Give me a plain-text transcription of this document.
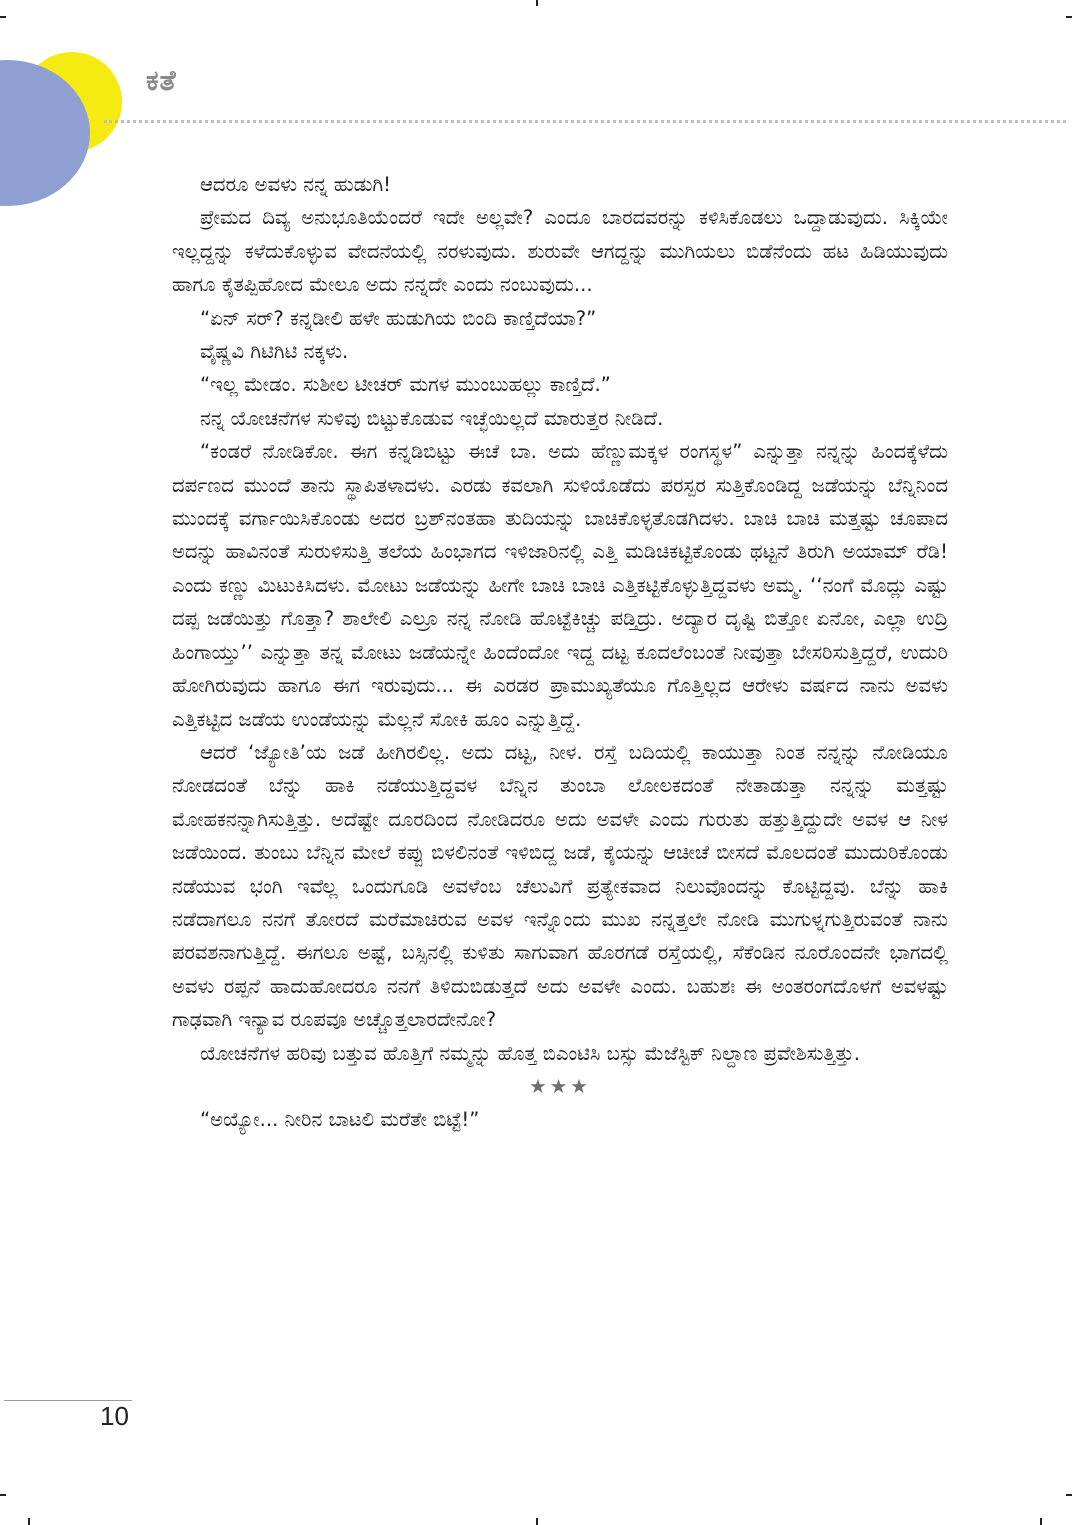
ಕತೆ

ಆದರೂ ಅವಳು ನನ್ನ ಹುಡುಗಿ!

ಪ್ರೇಮದ ದಿವ್ಯ ಅನುಭೂತಿಯೆಂದರೆ ಇದೇ ಅಲ್ಲವೇ? ಎಂದೂ ಬಾರದವರನ್ನು ಕಳಿಸಿಕೊಡಲು ಒದ್ದಾಡುವುದು. ಸಿಕ್ಕಿಯೇ ಇಲ್ಲದ್ದನ್ನು ಕಳೆದುಕೊಳ್ಳುವ ವೇದನೆಯಲ್ಲಿ ನರಳುವುದು. ಶುರುವೇ ಆಗದ್ದನ್ನು ಮುಗಿಯಲು ಬಿಡೆನೆಂದು ಹಟ ಹಿಡಿಯುವುದು ಹಾಗೂ ಕೈತಪ್ಪಿಹೋದ ಮೇಲೂ ಅದು ನನ್ನದೇ ಎಂದು ನಂಬುವುದು...

“ಏನ್ ಸರ್? ಕನ್ನಡೀಲಿ ಹಳೇ ಹುಡುಗಿಯ ಬಿಂದಿ ಕಾಣ್ತಿದೆಯಾ?”

ವೈಷ್ಣವಿ ಗಿಟಿಗಿಟಿ ನಕ್ಕಳು.

“ಇಲ್ಲ ಮೇಡಂ. ಸುಶೀಲ ಟೀಚರ್ ಮಗಳ ಮುಂಬುಹಲ್ಲು ಕಾಣ್ತಿದೆ.”

ನನ್ನ ಯೋಚನೆಗಳ ಸುಳಿವು ಬಿಟ್ಟುಕೊಡುವ ಇಚ್ಛೆಯಿಲ್ಲದೆ ಮಾರುತ್ತರ ನೀಡಿದೆ.

“ಕಂಡರೆ ನೋಡಿಕೋ. ಈಗ ಕನ್ನಡಿಬಿಟ್ಟು ಈಚೆ ಬಾ. ಅದು ಹೆಣ್ಣುಮಕ್ಕಳ ರಂಗಸ್ಥಳ” ಎನ್ನುತ್ತಾ ನನ್ನನ್ನು ಹಿಂದಕ್ಕೆಳೆದು ದರ್ಪಣದ ಮುಂದೆ ತಾನು ಸ್ಥಾಪಿತಳಾದಳು. ಎರಡು ಕವಲಾಗಿ ಸುಳಿಯೊಡೆದು ಪರಸ್ಪರ ಸುತ್ತಿಕೊಂಡಿದ್ದ ಜಡೆಯನ್ನು ಬೆನ್ನಿನಿಂದ ಮುಂದಕ್ಕೆ ವರ್ಗಾಯಿಸಿಕೊಂಡು ಅದರ ಬ್ರಶ್‌ನಂತಹಾ ತುದಿಯನ್ನು ಬಾಚಿಕೊಳ್ಳತೊಡಗಿದಳು. ಬಾಚಿ ಬಾಚಿ ಮತ್ತಷ್ಟು ಚೂಪಾದ ಅದನ್ನು ಹಾವಿನಂತೆ ಸುರುಳಿಸುತ್ತಿ ತಲೆಯ ಹಿಂಭಾಗದ ಇಳಿಜಾರಿನಲ್ಲಿ ಎತ್ತಿ ಮಡಿಚಿಕಟ್ಟಿಕೊಂಡು ಥಟ್ಟನೆ ತಿರುಗಿ ಅಯಾಮ್ ರೆಡಿ! ಎಂದು ಕಣ್ಣು ಮಿಟುಕಿಸಿದಳು. ಮೋಟು ಜಡೆಯನ್ನು ಹೀಗೇ ಬಾಚಿ ಬಾಚಿ ಎತ್ತಿಕಟ್ಟಿಕೊಳ್ಳುತ್ತಿದ್ದವಳು ಅಮ್ಮ. ‘‘ನಂಗೆ ಮೊದ್ಲು ಎಷ್ಟು ದಪ್ಪ ಜಡೆಯಿತ್ತು ಗೊತ್ತಾ? ಶಾಲೇಲಿ ಎಲ್ರೂ ನನ್ನ ನೋಡಿ ಹೊಟ್ಟೆಕಿಚ್ಚು ಪಡ್ತಿದ್ರು. ಅದ್ಯಾರ ದೃಷ್ಟಿ ಬಿತ್ತೋ ಏನೋ, ಎಲ್ಲಾ ಉದ್ರಿ ಹಿಂಗಾಯ್ತು’’ ಎನ್ನುತ್ತಾ ತನ್ನ ಮೋಟು ಜಡೆಯನ್ನೇ ಹಿಂದೆಂದೋ ಇದ್ದ ದಟ್ಟ ಕೂದಲೆಂಬಂತೆ ನೀವುತ್ತಾ ಬೇಸರಿಸುತ್ತಿದ್ದರೆ, ಉದುರಿ ಹೋಗಿರುವುದು ಹಾಗೂ ಈಗ ಇರುವುದು... ಈ ಎರಡರ ಪ್ರಾಮುಖ್ಯತೆಯೂ ಗೊತ್ತಿಲ್ಲದ ಆರೇಳು ವರ್ಷದ ನಾನು ಅವಳು ಎತ್ತಿಕಟ್ಟಿದ ಜಡೆಯ ಉಂಡೆಯನ್ನು ಮೆಲ್ಲನೆ ಸೋಕಿ ಹೂಂ ಎನ್ನುತ್ತಿದ್ದೆ.

ಆದರೆ ‘ಜ್ಯೋತಿ’ಯ ಜಡೆ ಹೀಗಿರಲಿಲ್ಲ. ಅದು ದಟ್ಟ, ನೀಳ. ರಸ್ತೆ ಬದಿಯಲ್ಲಿ ಕಾಯುತ್ತಾ ನಿಂತ ನನ್ನನ್ನು ನೋಡಿಯೂ ನೋಡದಂತೆ ಬೆನ್ನು ಹಾಕಿ ನಡೆಯುತ್ತಿದ್ದವಳ ಬೆನ್ನಿನ ತುಂಬಾ ಲೋಲಕದಂತೆ ನೇತಾಡುತ್ತಾ ನನ್ನನ್ನು ಮತ್ತಷ್ಟು ಮೋಹಕನನ್ನಾಗಿಸುತ್ತಿತ್ತು. ಅದೆಷ್ಟೇ ದೂರದಿಂದ ನೋಡಿದರೂ ಅದು ಅವಳೇ ಎಂದು ಗುರುತು ಹತ್ತುತ್ತಿದ್ದುದೇ ಅವಳ ಆ ನೀಳ ಜಡೆಯಿಂದ. ತುಂಬು ಬೆನ್ನಿನ ಮೇಲೆ ಕಪ್ಪು ಬಿಳಲಿನಂತೆ ಇಳಿಬಿದ್ದ ಜಡೆ, ಕೈಯನ್ನು ಆಚೀಚೆ ಬೀಸದೆ ಮೊಲದಂತೆ ಮುದುರಿಕೊಂಡು ನಡೆಯುವ ಭಂಗಿ ಇವೆಲ್ಲ ಒಂದುಗೂಡಿ ಅವಳೆಂಬ ಚೆಲುವಿಗೆ ಪ್ರತ್ಯೇಕವಾದ ನಿಲುವೊಂದನ್ನು ಕೊಟ್ಟಿದ್ದವು. ಬೆನ್ನು ಹಾಕಿ ನಡೆದಾಗಲೂ ನನಗೆ ತೋರದೆ ಮರೆಮಾಚಿರುವ ಅವಳ ಇನ್ನೊಂದು ಮುಖ ನನ್ನತ್ತಲೇ ನೋಡಿ ಮುಗುಳ್ನಗುತ್ತಿರುವಂತೆ ನಾನು ಪರವಶನಾಗುತ್ತಿದ್ದೆ. ಈಗಲೂ ಅಷ್ಟೆ, ಬಸ್ಸಿನಲ್ಲಿ ಕುಳಿತು ಸಾಗುವಾಗ ಹೊರಗಡೆ ರಸ್ತೆಯಲ್ಲಿ, ಸೆಕೆಂಡಿನ ನೂರೊಂದನೇ ಭಾಗದಲ್ಲಿ ಅವಳು ರಪ್ಪನೆ ಹಾದುಹೋದರೂ ನನಗೆ ತಿಳಿದುಬಿಡುತ್ತದೆ ಅದು ಅವಳೇ ಎಂದು. ಬಹುಶಃ ಈ ಅಂತರಂಗದೊಳಗೆ ಅವಳಷ್ಟು ಗಾಢವಾಗಿ ಇನ್ಯಾವ ರೂಪವೂ ಅಚ್ಚೊತ್ತಲಾರದೇನೋ?

ಯೋಚನೆಗಳ ಹರಿವು ಬತ್ತುವ ಹೊತ್ತಿಗೆ ನಮ್ಮನ್ನು ಹೊತ್ತ ಬಿಎಂಟಿಸಿ ಬಸ್ಸು ಮೆಜೆಸ್ಟಿಕ್ ನಿಲ್ದಾಣ ಪ್ರವೇಶಿಸುತ್ತಿತ್ತು.

★★★

“ಅಯ್ಯೋ... ನೀರಿನ ಬಾಟಲಿ ಮರೆತೇ ಬಿಟ್ಟೆ!”

10
